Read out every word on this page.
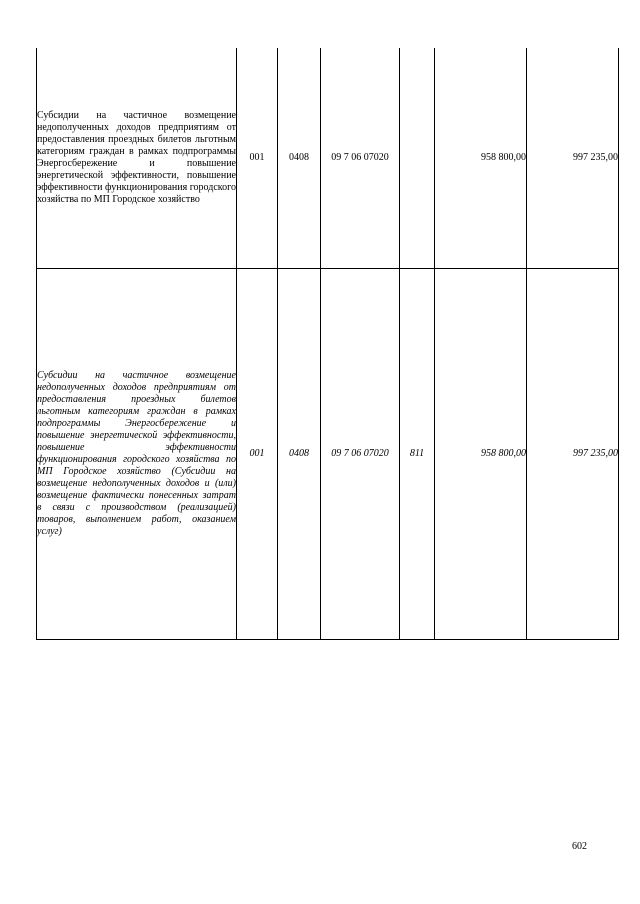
Субсидии на частичное возмещение недополученных доходов предприятиям от предоставления проездных билетов льготным категориям граждан в рамках подпрограммы Энергосбережение и повышение энергетической эффективности, повышение эффективности функционирования городского хозяйства по МП Городское хозяйство	001	0408	09 7 06 07020		958 800,00	997 235,00

Субсидии на частичное возмещение недополученных доходов предприятиям от предоставления проездных билетов льготным категориям граждан в рамках подпрограммы Энергосбережение и повышение энергетической эффективности, повышение эффективности функционирования городского хозяйства по МП Городское хозяйство (Субсидии на возмещение недополученных доходов и (или) возмещение фактически понесенных затрат в связи с производством (реализацией) товаров, выполнением работ, оказанием услуг)	001	0408	09 7 06 07020	811	958 800,00	997 235,00
602
